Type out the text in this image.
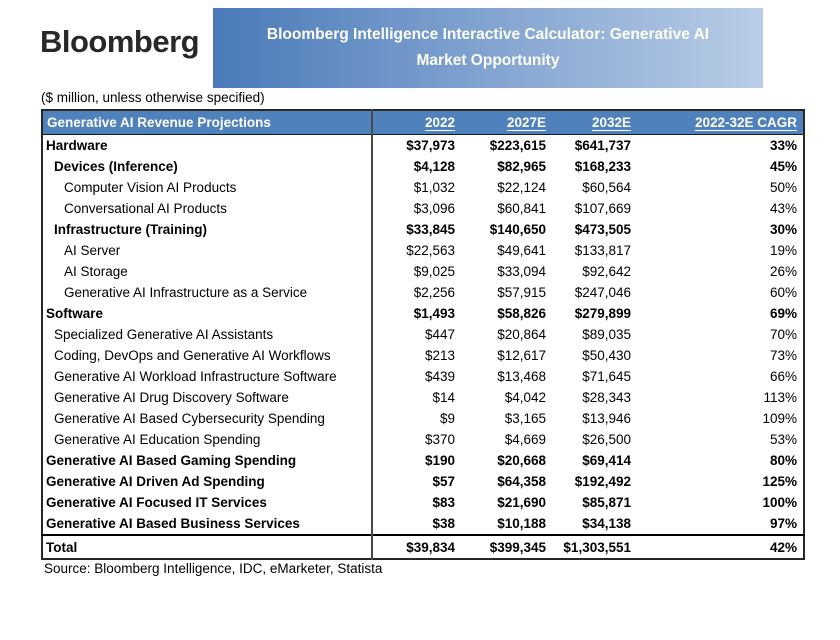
Bloomberg	Bloomberg Intelligence Interactive Calculator: Generative AI Market Opportunity
($ million, unless otherwise specified)
Generative AI Revenue Projections	2022	2027E	2032E	2022-32E CAGR
Hardware	$37,973	$223,615	$641,737	33%
Devices (Inference)	$4,128	$82,965	$168,233	45%
Computer Vision AI Products	$1,032	$22,124	$60,564	50%
Conversational AI Products	$3,096	$60,841	$107,669	43%
Infrastructure (Training)	$33,845	$140,650	$473,505	30%
AI Server	$22,563	$49,641	$133,817	19%
AI Storage	$9,025	$33,094	$92,642	26%
Generative AI Infrastructure as a Service	$2,256	$57,915	$247,046	60%
Software	$1,493	$58,826	$279,899	69%
Specialized Generative AI Assistants	$447	$20,864	$89,035	70%
Coding, DevOps and Generative AI Workflows	$213	$12,617	$50,430	73%
Generative AI Workload Infrastructure Software	$439	$13,468	$71,645	66%
Generative AI Drug Discovery Software	$14	$4,042	$28,343	113%
Generative AI Based Cybersecurity Spending	$9	$3,165	$13,946	109%
Generative AI Education Spending	$370	$4,669	$26,500	53%
Generative AI Based Gaming Spending	$190	$20,668	$69,414	80%
Generative AI Driven Ad Spending	$57	$64,358	$192,492	125%
Generative AI Focused IT Services	$83	$21,690	$85,871	100%
Generative AI Based Business Services	$38	$10,188	$34,138	97%
Total	$39,834	$399,345	$1,303,551	42%
Source: Bloomberg Intelligence, IDC, eMarketer, Statista
